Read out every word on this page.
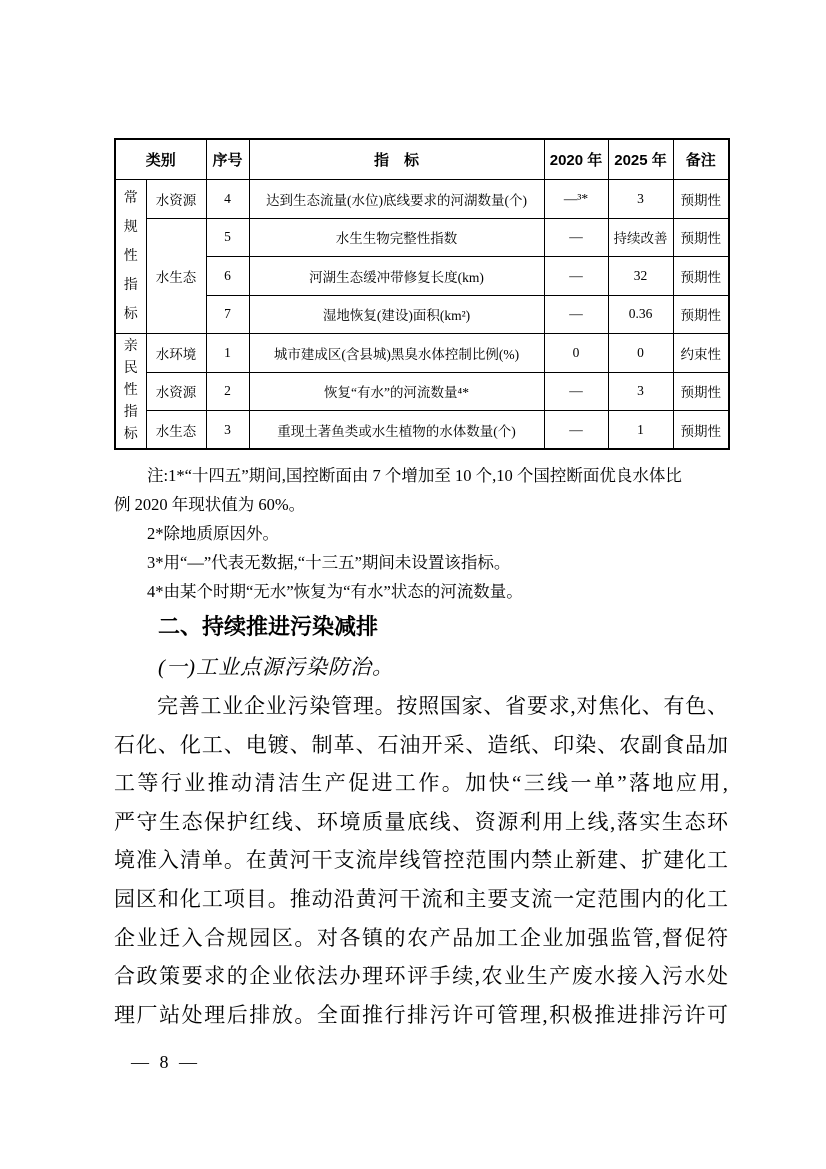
类别		序号	指　标	2020 年	2025 年	备注

常规性指标	水资源	4	达到生态流量(水位)底线要求的河湖数量(个)	—³*	3	预期性
	水生态	5	水生生物完整性指数	—	持续改善	预期性
		6	河湖生态缓冲带修复长度(km)	—	32	预期性
		7	湿地恢复(建设)面积(km²)	—	0.36	预期性

亲民性指标	水环境	1	城市建成区(含县城)黑臭水体控制比例(%)	0	0	约束性
	水资源	2	恢复“有水”的河流数量⁴*	—	3	预期性
	水生态	3	重现土著鱼类或水生植物的水体数量(个)	—	1	预期性
注:1*“十四五”期间,国控断面由 7 个增加至 10 个,10 个国控断面优良水体比
例 2020 年现状值为 60%。
2*除地质原因外。
3*用“—”代表无数据,“十三五”期间未设置该指标。
4*由某个时期“无水”恢复为“有水”状态的河流数量。
二、持续推进污染减排
(一)工业点源污染防治。
完善工业企业污染管理。按照国家、省要求,对焦化、有色、
石化、化工、电镀、制革、石油开采、造纸、印染、农副食品加
工等行业推动清洁生产促进工作。加快“三线一单”落地应用,
严守生态保护红线、环境质量底线、资源利用上线,落实生态环
境准入清单。在黄河干支流岸线管控范围内禁止新建、扩建化工
园区和化工项目。推动沿黄河干流和主要支流一定范围内的化工
企业迁入合规园区。对各镇的农产品加工企业加强监管,督促符
合政策要求的企业依法办理环评手续,农业生产废水接入污水处
理厂站处理后排放。全面推行排污许可管理,积极推进排污许可
— 8 —
